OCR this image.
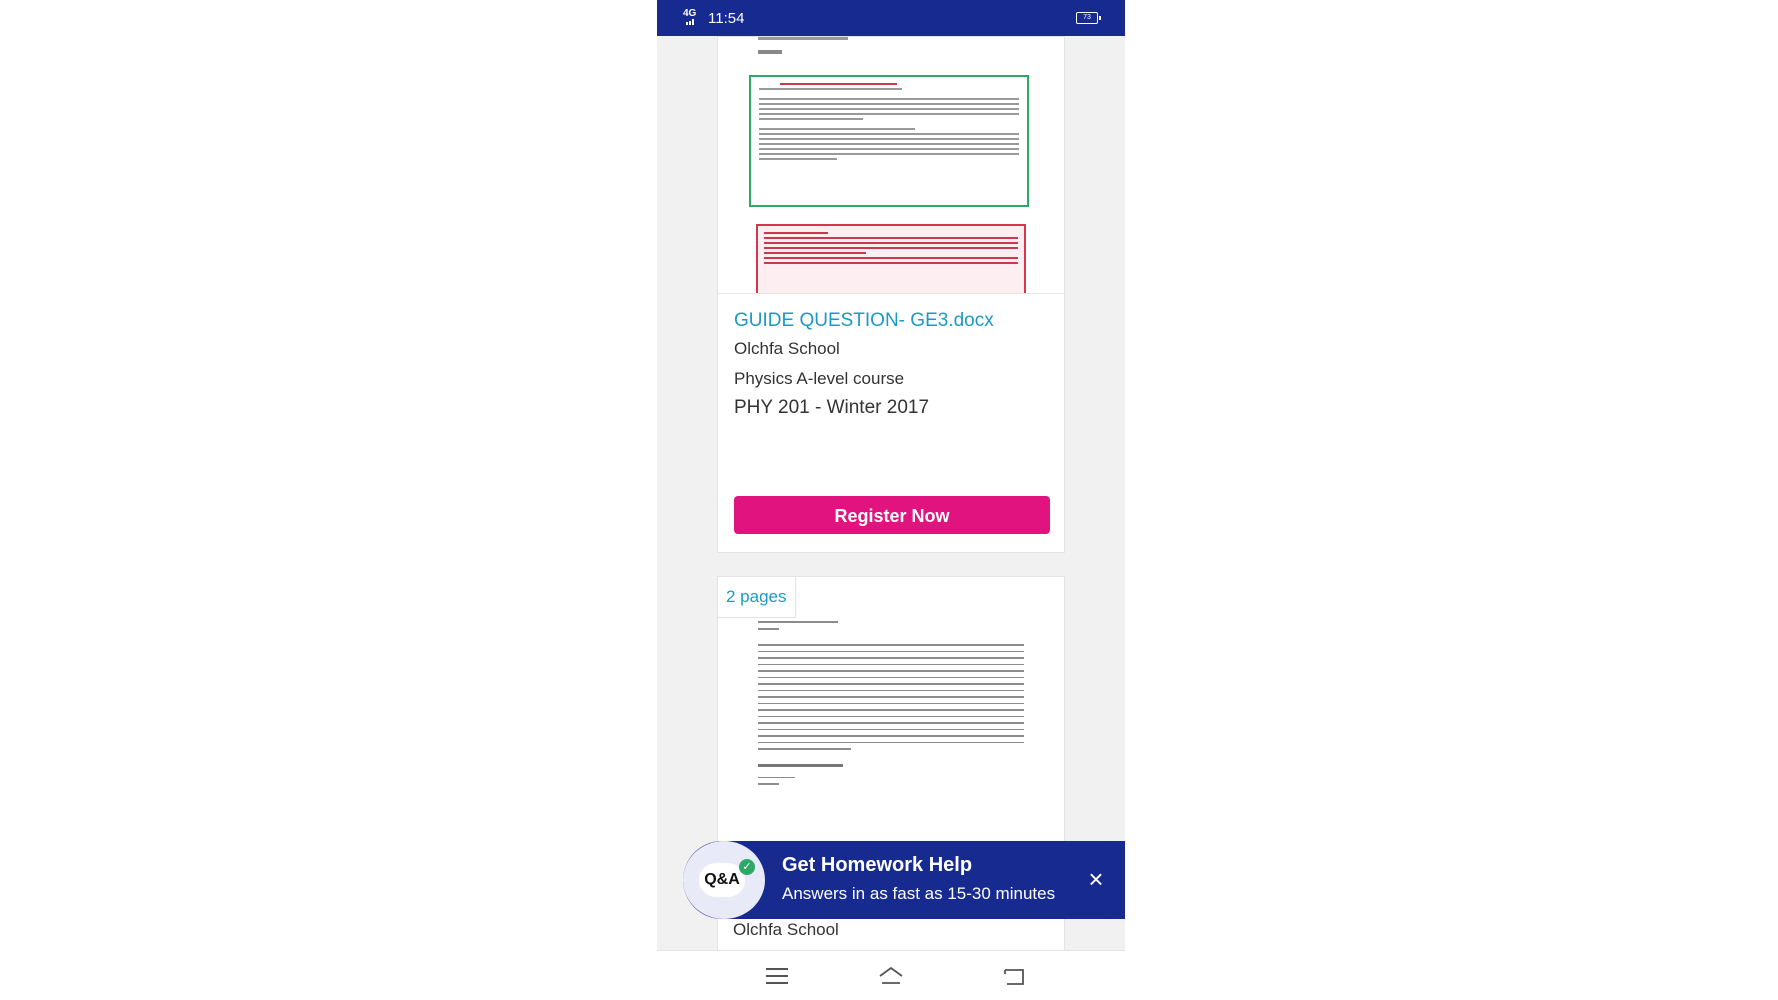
4G 11:54	73
GUIDE QUESTION- GE3.docx
Olchfa School
Physics A-level course
PHY 201 - Winter 2017
Register Now
2 pages
Olchfa School
Q&A
✓ Get Homework Help
Answers in as fast as 15-30 minutes ×
